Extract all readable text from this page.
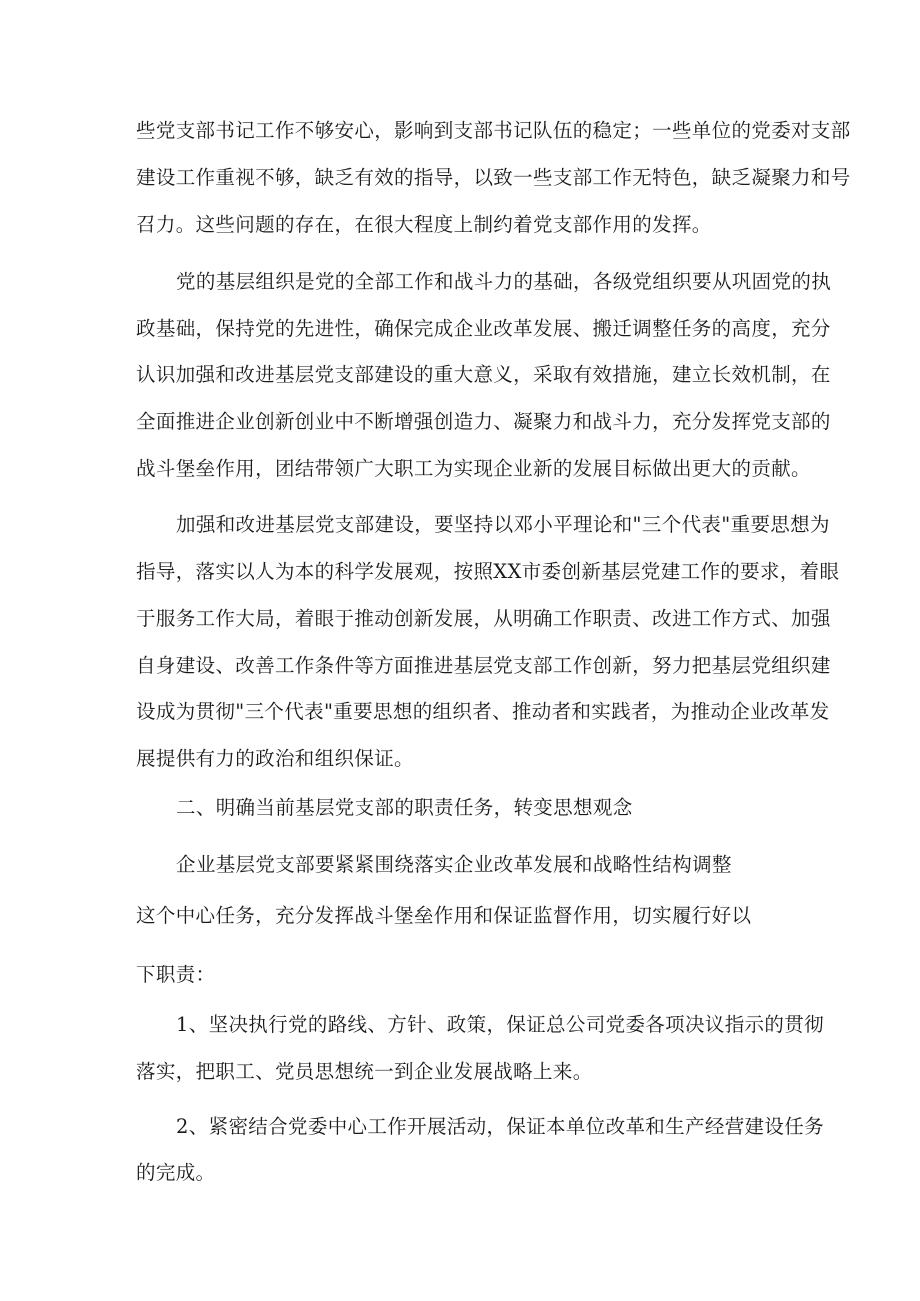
些党支部书记工作不够安心，影响到支部书记队伍的稳定；一些单位的党委对支部
建设工作重视不够，缺乏有效的指导，以致一些支部工作无特色，缺乏凝聚力和号
召力。这些问题的存在，在很大程度上制约着党支部作用的发挥。
党的基层组织是党的全部工作和战斗力的基础，各级党组织要从巩固党的执
政基础，保持党的先进性，确保完成企业改革发展、搬迁调整任务的高度，充分
认识加强和改进基层党支部建设的重大意义，采取有效措施，建立长效机制，在
全面推进企业创新创业中不断增强创造力、凝聚力和战斗力，充分发挥党支部的
战斗堡垒作用，团结带领广大职工为实现企业新的发展目标做出更大的贡献。
加强和改进基层党支部建设，要坚持以邓小平理论和"三个代表"重要思想为
指导，落实以人为本的科学发展观，按照XX市委创新基层党建工作的要求，着眼
于服务工作大局，着眼于推动创新发展，从明确工作职责、改进工作方式、加强
自身建设、改善工作条件等方面推进基层党支部工作创新，努力把基层党组织建
设成为贯彻"三个代表"重要思想的组织者、推动者和实践者，为推动企业改革发
展提供有力的政治和组织保证。
二、明确当前基层党支部的职责任务，转变思想观念
企业基层党支部要紧紧围绕落实企业改革发展和战略性结构调整
这个中心任务，充分发挥战斗堡垒作用和保证监督作用，切实履行好以
下职责：
1、坚决执行党的路线、方针、政策，保证总公司党委各项决议指示的贯彻
落实，把职工、党员思想统一到企业发展战略上来。
2、紧密结合党委中心工作开展活动，保证本单位改革和生产经营建设任务
的完成。
